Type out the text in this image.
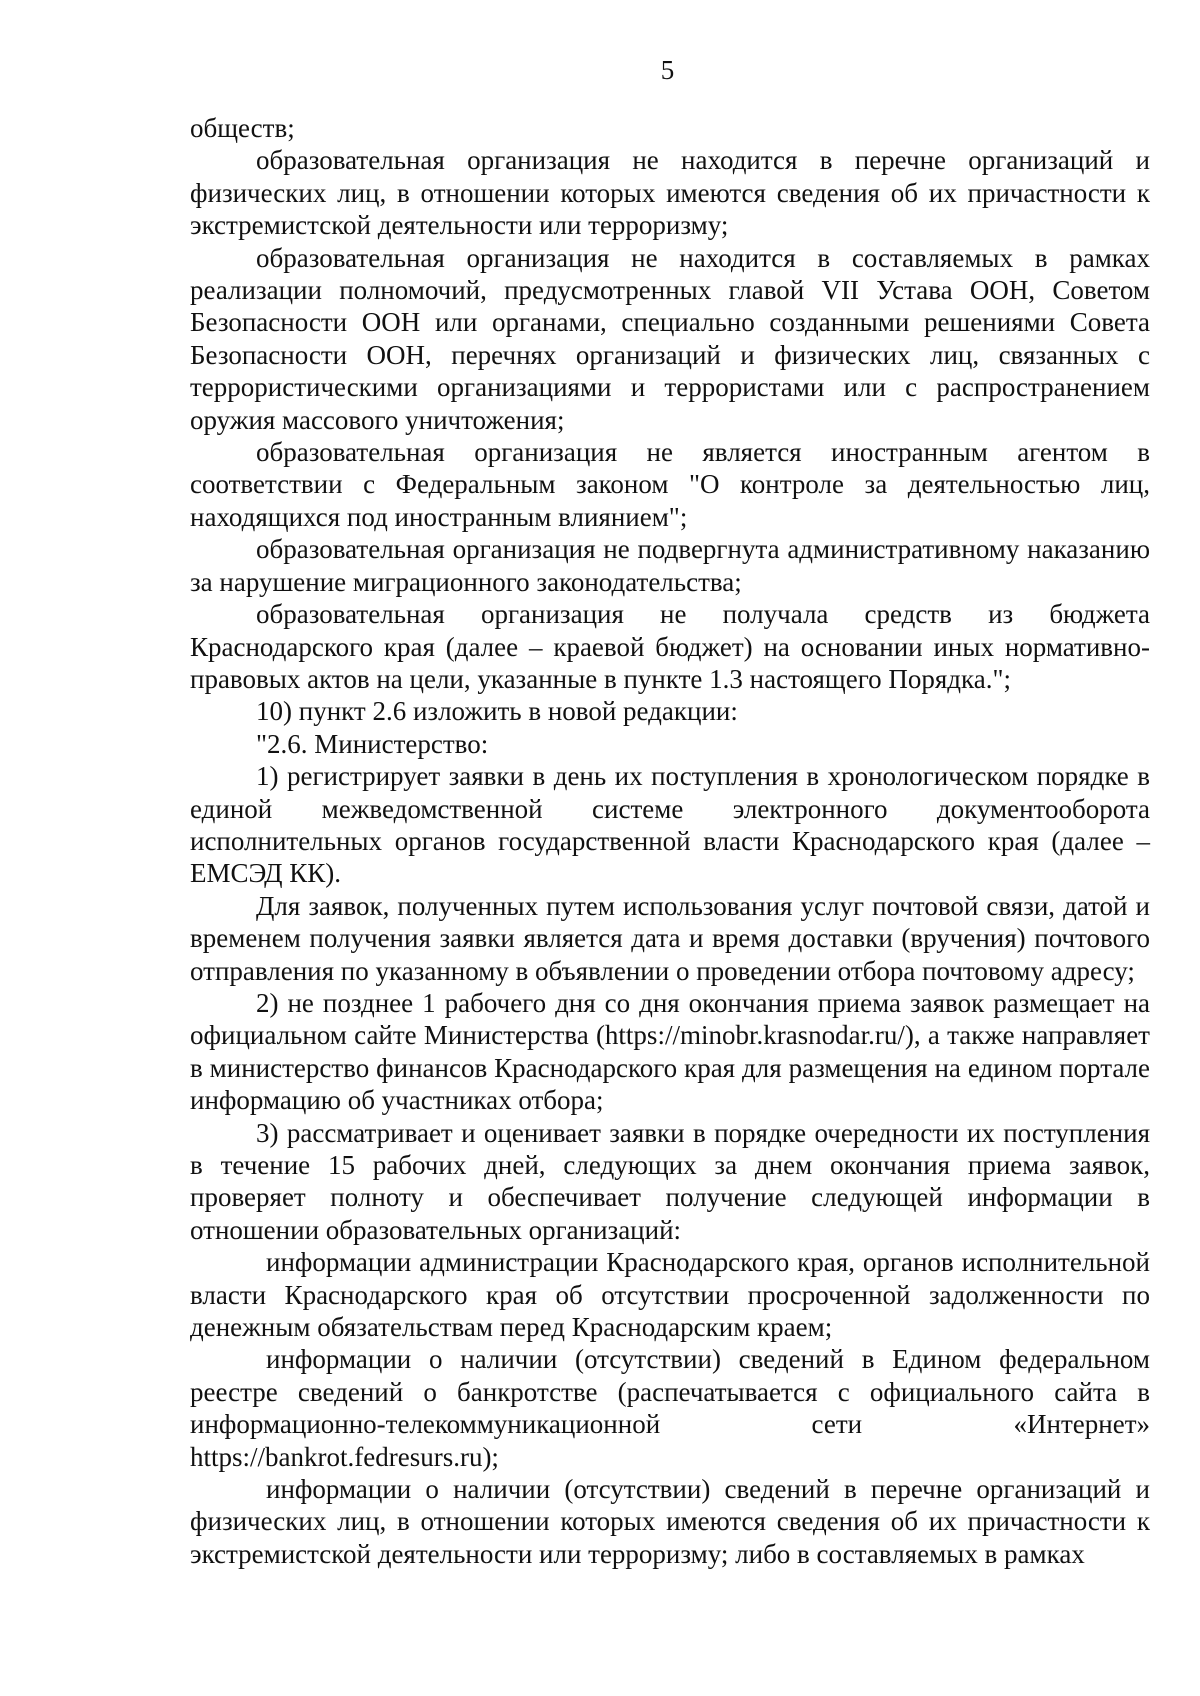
5

обществ;

образовательная организация не находится в перечне организаций и физических лиц, в отношении которых имеются сведения об их причастности к экстремистской деятельности или терроризму;

образовательная организация не находится в составляемых в рамках реализации полномочий, предусмотренных главой VII Устава ООН, Советом Безопасности ООН или органами, специально созданными решениями Совета Безопасности ООН, перечнях организаций и физических лиц, связанных с террористическими организациями и террористами или с распространением оружия массового уничтожения;

образовательная организация не является иностранным агентом в соответствии с Федеральным законом "О контроле за деятельностью лиц, находящихся под иностранным влиянием";

образовательная организация не подвергнута административному наказанию за нарушение миграционного законодательства;

образовательная организация не получала средств из бюджета Краснодарского края (далее – краевой бюджет) на основании иных нормативно-правовых актов на цели, указанные в пункте 1.3 настоящего Порядка.";

10) пункт 2.6 изложить в новой редакции:

"2.6. Министерство:

1) регистрирует заявки в день их поступления в хронологическом порядке в единой межведомственной системе электронного документооборота исполнительных органов государственной власти Краснодарского края (далее – ЕМСЭД КК).

Для заявок, полученных путем использования услуг почтовой связи, датой и временем получения заявки является дата и время доставки (вручения) почтового отправления по указанному в объявлении о проведении отбора почтовому адресу;

2) не позднее 1 рабочего дня со дня окончания приема заявок размещает на официальном сайте Министерства (https://minobr.krasnodar.ru/), а также направляет в министерство финансов Краснодарского края для размещения на едином портале информацию об участниках отбора;

3) рассматривает и оценивает заявки в порядке очередности их поступления в течение 15 рабочих дней, следующих за днем окончания приема заявок, проверяет полноту и обеспечивает получение следующей информации в отношении образовательных организаций:

информации администрации Краснодарского края, органов исполнительной власти Краснодарского края об отсутствии просроченной задолженности по денежным обязательствам перед Краснодарским краем;

информации о наличии (отсутствии) сведений в Едином федеральном реестре сведений о банкротстве (распечатывается с официального сайта в информационно-телекоммуникационной сети «Интернет» https://bankrot.fedresurs.ru);

информации о наличии (отсутствии) сведений в перечне организаций и физических лиц, в отношении которых имеются сведения об их причастности к экстремистской деятельности или терроризму; либо в составляемых в рамках
